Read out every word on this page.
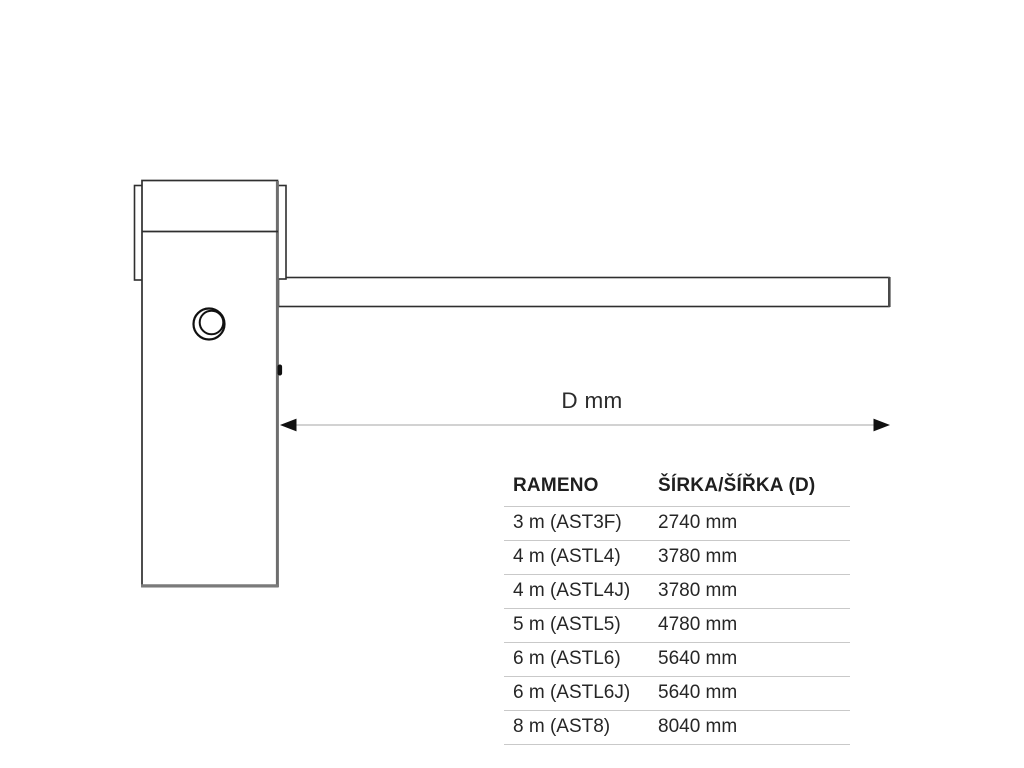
D mm
RAMENO	ŠÍRKA/ŠÍŘKA (D)
3 m (AST3F)	2740 mm
4 m (ASTL4)	3780 mm
4 m (ASTL4J)	3780 mm
5 m (ASTL5)	4780 mm
6 m (ASTL6)	5640 mm
6 m (ASTL6J)	5640 mm
8 m (AST8)	8040 mm
